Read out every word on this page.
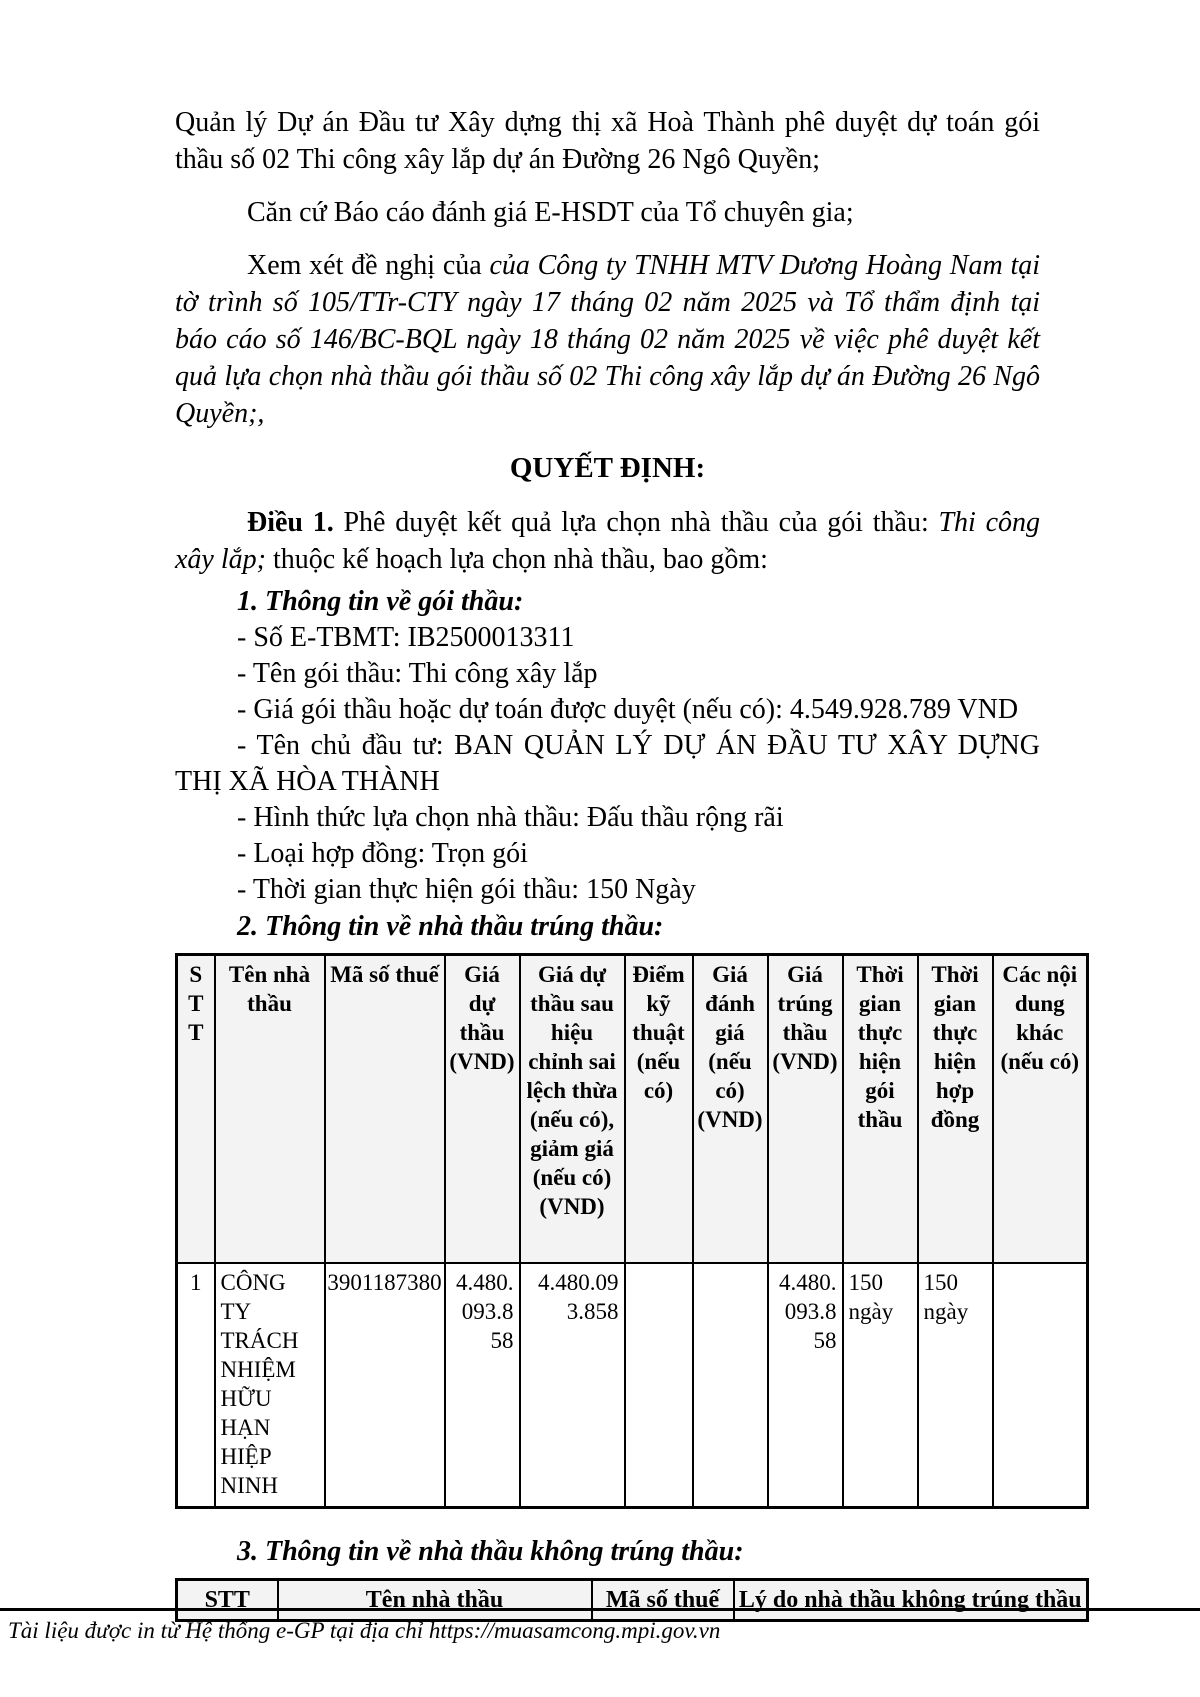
Quản lý Dự án Đầu tư Xây dựng thị xã Hoà Thành phê duyệt dự toán gói thầu số 02 Thi công xây lắp dự án Đường 26 Ngô Quyền;

Căn cứ Báo cáo đánh giá E-HSDT của Tổ chuyên gia;

Xem xét đề nghị của của Công ty TNHH MTV Dương Hoàng Nam tại tờ trình số 105/TTr-CTY ngày 17 tháng 02 năm 2025 và Tổ thẩm định tại báo cáo số 146/BC-BQL ngày 18 tháng 02 năm 2025 về việc phê duyệt kết quả lựa chọn nhà thầu gói thầu số 02 Thi công xây lắp dự án Đường 26 Ngô Quyền;,

QUYẾT ĐỊNH:

Điều 1. Phê duyệt kết quả lựa chọn nhà thầu của gói thầu: Thi công xây lắp; thuộc kế hoạch lựa chọn nhà thầu, bao gồm:

1. Thông tin về gói thầu:

- Số E-TBMT: IB2500013311

- Tên gói thầu: Thi công xây lắp

- Giá gói thầu hoặc dự toán được duyệt (nếu có): 4.549.928.789 VND

- Tên chủ đầu tư: BAN QUẢN LÝ DỰ ÁN ĐẦU TƯ XÂY DỰNG THỊ XÃ HÒA THÀNH

- Hình thức lựa chọn nhà thầu: Đấu thầu rộng rãi

- Loại hợp đồng: Trọn gói

- Thời gian thực hiện gói thầu: 150 Ngày

2. Thông tin về nhà thầu trúng thầu:
STT	Tên nhà thầu	Mã số thuế	Giá dự thầu (VND)	Giá dự thầu sau hiệu chỉnh sai lệch thừa (nếu có), giảm giá (nếu có) (VND)	Điểm kỹ thuật (nếu có)	Giá đánh giá (nếu có) (VND)	Giá trúng thầu (VND)	Thời gian thực hiện gói thầu	Thời gian thực hiện hợp đồng	Các nội dung khác (nếu có)
1	CÔNG TY TRÁCH NHIỆM HỮU HẠN HIỆP NINH	3901187380	4.480.093.858	4.480.093.858			4.480.093.858	150 ngày	150 ngày	
3. Thông tin về nhà thầu không trúng thầu:
STT	Tên nhà thầu	Mã số thuế	Lý do nhà thầu không trúng thầu

Tài liệu được in từ Hệ thống e-GP tại địa chỉ https://muasamcong.mpi.gov.vn
